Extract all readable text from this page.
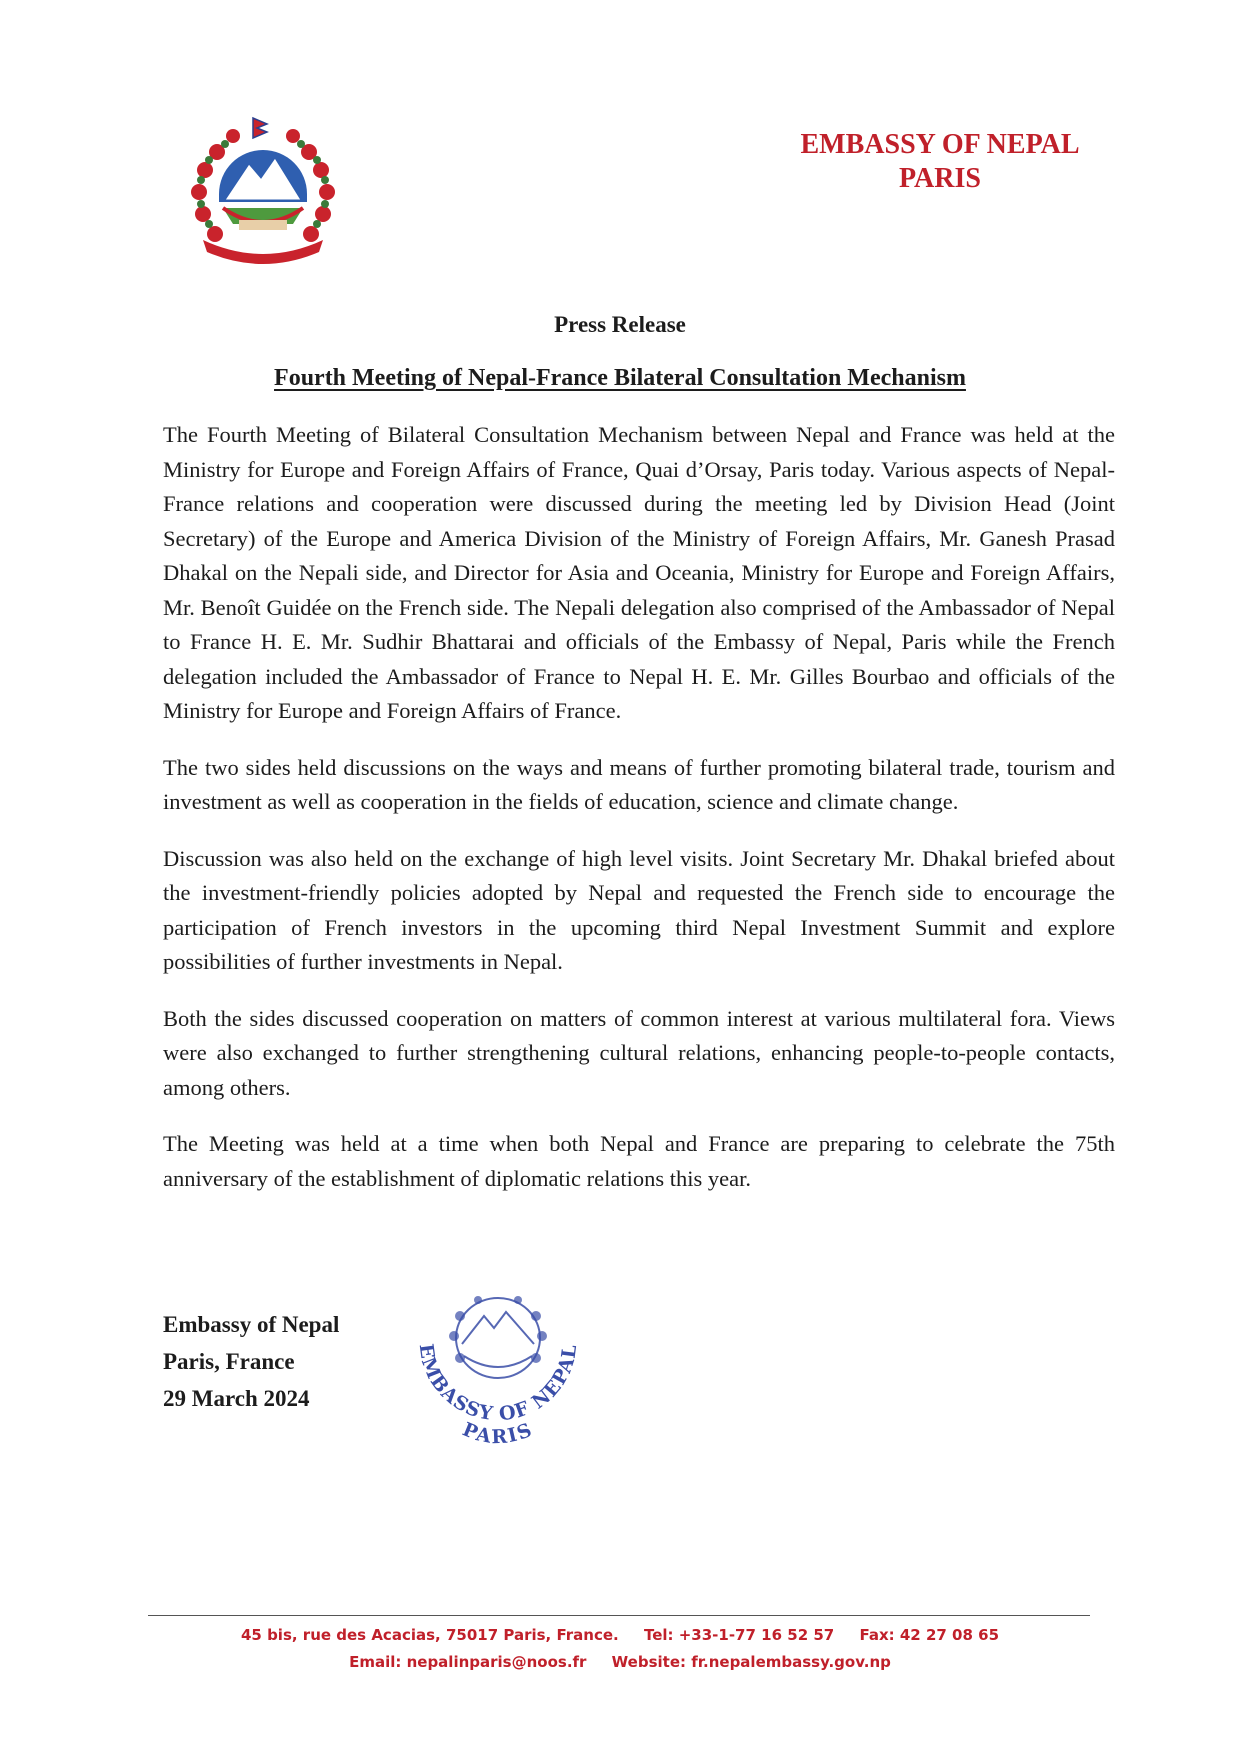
EMBASSY OF NEPAL
PARIS
Press Release
Fourth Meeting of Nepal-France Bilateral Consultation Mechanism

The Fourth Meeting of Bilateral Consultation Mechanism between Nepal and France was held at the Ministry for Europe and Foreign Affairs of France, Quai d’Orsay, Paris today. Various aspects of Nepal-France relations and cooperation were discussed during the meeting led by Division Head (Joint Secretary) of the Europe and America Division of the Ministry of Foreign Affairs, Mr. Ganesh Prasad Dhakal on the Nepali side, and Director for Asia and Oceania, Ministry for Europe and Foreign Affairs, Mr. Benoît Guidée on the French side. The Nepali delegation also comprised of the Ambassador of Nepal to France H. E. Mr. Sudhir Bhattarai and officials of the Embassy of Nepal, Paris while the French delegation included the Ambassador of France to Nepal H. E. Mr. Gilles Bourbao and officials of the Ministry for Europe and Foreign Affairs of France.

The two sides held discussions on the ways and means of further promoting bilateral trade, tourism and investment as well as cooperation in the fields of education, science and climate change.

Discussion was also held on the exchange of high level visits. Joint Secretary Mr. Dhakal briefed about the investment-friendly policies adopted by Nepal and requested the French side to encourage the participation of French investors in the upcoming third Nepal Investment Summit and explore possibilities of further investments in Nepal.

Both the sides discussed cooperation on matters of common interest at various multilateral fora. Views were also exchanged to further strengthening cultural relations, enhancing people-to-people contacts, among others.

The Meeting was held at a time when both Nepal and France are preparing to celebrate the 75th anniversary of the establishment of diplomatic relations this year.

Embassy of Nepal
Paris, France
29 March 2024
EMBASSY OF NEPAL
PARIS
45 bis, rue des Acacias, 75017 Paris, France. Tel: +33-1-77 16 52 57 Fax: 42 27 08 65
Email: nepalinparis@noos.fr Website: fr.nepalembassy.gov.np
